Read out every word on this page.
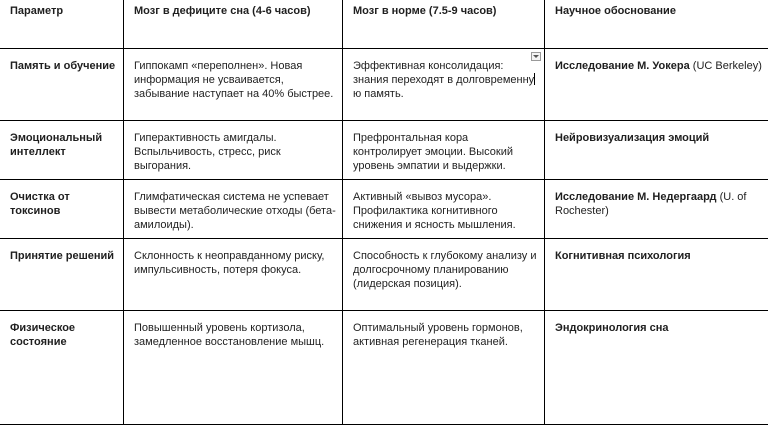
Параметр	Мозг в дефиците сна (4-6 часов)	Мозг в норме (7.5-9 часов)	Научное обоснование
Память и обучение	Гиппокамп «переполнен». Новая информация не усваивается, забывание наступает на 40% быстрее.	Эффективная консолидация: знания переходят в долговременную память.	Исследование М. Уокера (UC Berkeley)
Эмоциональный интеллект	Гиперактивность амигдалы. Вспыльчивость, стресс, риск выгорания.	Префронтальная кора контролирует эмоции. Высокий уровень эмпатии и выдержки.	Нейровизуализация эмоций
Очистка от токсинов	Глимфатическая система не успевает вывести метаболические отходы (бета-амилоиды).	Активный «вывоз мусора». Профилактика когнитивного снижения и ясность мышления.	Исследование М. Недергаард (U. of Rochester)
Принятие решений	Склонность к неоправданному риску, импульсивность, потеря фокуса.	Способность к глубокому анализу и долгосрочному планированию (лидерская позиция).	Когнитивная психология
Физическое состояние	Повышенный уровень кортизола, замедленное восстановление мышц.	Оптимальный уровень гормонов, активная регенерация тканей.	Эндокринология сна
